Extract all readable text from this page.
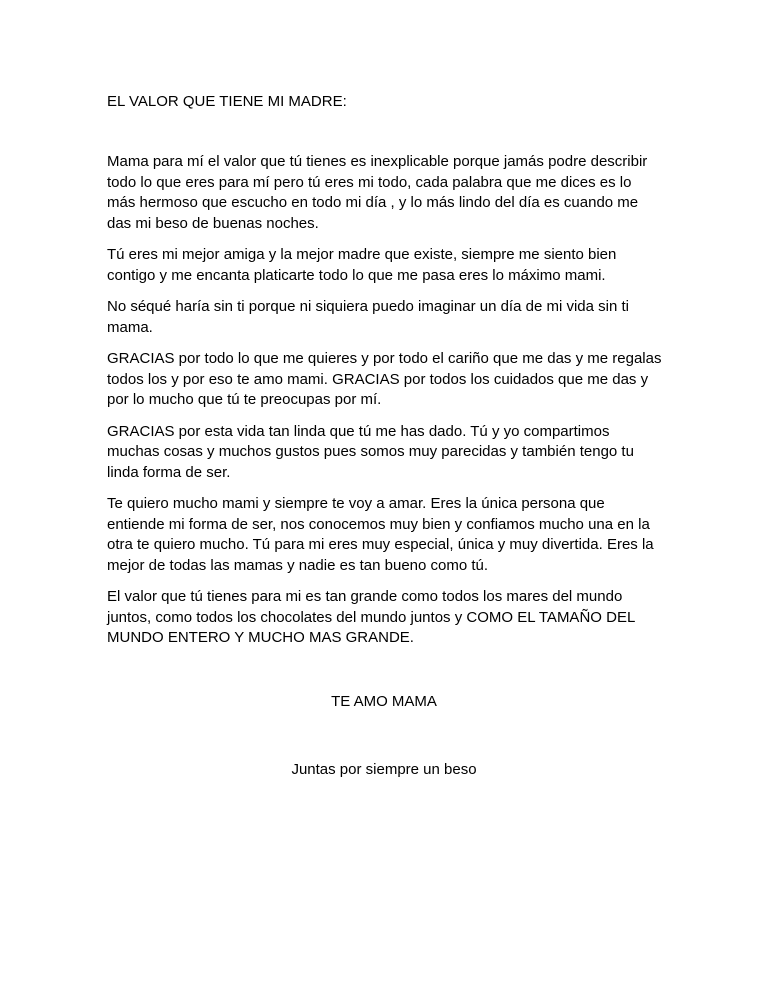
EL VALOR QUE TIENE MI MADRE:

Mama para mí el valor que tú tienes es inexplicable porque jamás podre describir todo lo que eres para mí pero tú eres mi todo, cada palabra que me dices es lo más hermoso que escucho en todo mi día , y lo más lindo del día es cuando me das mi beso de buenas noches.

Tú eres mi mejor amiga y la mejor madre que existe, siempre me siento bien contigo y me encanta platicarte todo lo que me pasa eres lo máximo mami.

No séqué haría sin ti porque ni siquiera puedo imaginar un día de mi vida sin ti mama.

GRACIAS por todo lo que me quieres y por todo el cariño que me das y me regalas todos los y por eso te amo mami. GRACIAS por todos los cuidados que me das y por lo mucho que tú te preocupas por mí.

GRACIAS por esta vida tan linda que tú me has dado. Tú y yo compartimos muchas cosas y muchos gustos pues somos muy parecidas y también tengo tu linda forma de ser.

Te quiero mucho mami y siempre te voy a amar. Eres la única persona que entiende mi forma de ser, nos conocemos muy bien y confiamos mucho una en la otra te quiero mucho. Tú para mi eres muy especial, única y muy divertida. Eres la mejor de todas las mamas y nadie es tan bueno como tú.

El valor que tú tienes para mi es tan grande como todos los mares del mundo juntos, como todos los chocolates del mundo juntos y COMO EL TAMAÑO DEL MUNDO ENTERO Y MUCHO MAS GRANDE.

TE AMO MAMA

Juntas por siempre un beso
